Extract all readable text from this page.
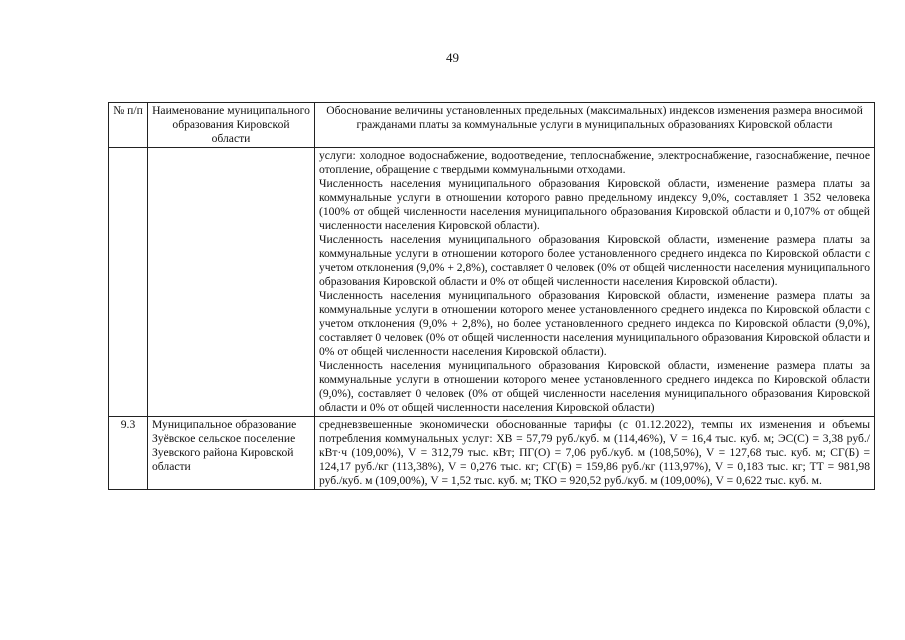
49
№ п/п	Наименование муниципального образования Кировской области	Обоснование величины установленных предельных (максимальных) индексов изменения размера вносимой гражданами платы за коммунальные услуги в муниципальных образованиях Кировской области

		услуги: холодное водоснабжение, водоотведение, теплоснабжение, электроснабжение, газоснабжение, печное отопление, обращение с твердыми коммунальными отходами.
Численность населения муниципального образования Кировской области, изменение размера платы за коммунальные услуги в отношении которого равно предельному индексу 9,0%, составляет 1 352 человека (100% от общей численности населения муниципального образования Кировской области и 0,107% от общей численности населения Кировской области).
Численность населения муниципального образования Кировской области, изменение размера платы за коммунальные услуги в отношении которого более установленного среднего индекса по Кировской области с учетом отклонения (9,0% + 2,8%), составляет 0 человек (0% от общей численности населения муниципального образования Кировской области и 0% от общей численности населения Кировской области).
Численность населения муниципального образования Кировской области, изменение размера платы за коммунальные услуги в отношении которого менее установленного среднего индекса по Кировской области с учетом отклонения (9,0% + 2,8%), но более установленного среднего индекса по Кировской области (9,0%), составляет 0 человек (0% от общей численности населения муниципального образования Кировской области и 0% от общей численности населения Кировской области).
Численность населения муниципального образования Кировской области, изменение размера платы за коммунальные услуги в отношении которого менее установленного среднего индекса по Кировской области (9,0%), составляет 0 человек (0% от общей численности населения муниципального образования Кировской области и 0% от общей численности населения Кировской области)

9.3	Муниципальное образование Зуёвское сельское поселение Зуевского района Кировской области	средневзвешенные экономически обоснованные тарифы (с 01.12.2022), темпы их изменения и объемы потребления коммунальных услуг: ХВ = 57,79 руб./куб. м (114,46%), V = 16,4 тыс. куб. м; ЭС(С) = 3,38 руб./кВт·ч (109,00%), V = 312,79 тыс. кВт; ПГ(О) = 7,06 руб./куб. м (108,50%), V = 127,68 тыс. куб. м; СГ(Б) = 124,17 руб./кг (113,38%), V = 0,276 тыс. кг; СГ(Б) = 159,86 руб./кг (113,97%), V = 0,183 тыс. кг; ТТ = 981,98 руб./куб. м (109,00%), V = 1,52 тыс. куб. м; ТКО = 920,52 руб./куб. м (109,00%), V = 0,622 тыс. куб. м.
